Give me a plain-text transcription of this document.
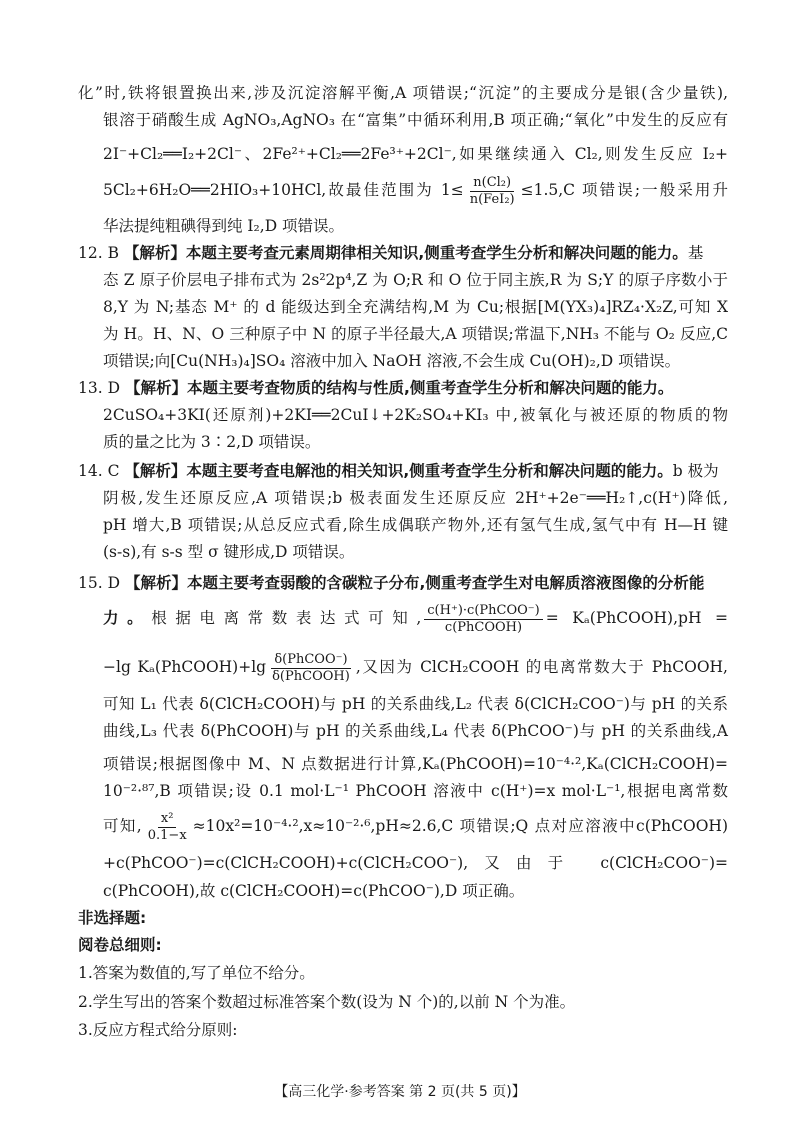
化”时,铁将银置换出来,涉及沉淀溶解平衡,A 项错误;“沉淀”的主要成分是银(含少量铁),
银溶于硝酸生成 AgNO₃,AgNO₃ 在“富集”中循环利用,B 项正确;“氧化”中发生的反应有
2I⁻+Cl₂══I₂+2Cl⁻、2Fe²⁺+Cl₂══2Fe³⁺+2Cl⁻,如果继续通入 Cl₂,则发生反应 I₂+
5Cl₂+6H₂O══2HIO₃+10HCl,故最佳范围为 $1\le \frac{\text{n(Cl₂)}}{\text{n(FeI₂)}} \le 1.5,C$ 项错误;一般采用升
华法提纯粗碘得到纯 I₂,D 项错误。
12. B 【解析】本题主要考查元素周期律相关知识,侧重考查学生分析和解决问题的能力。基
态 Z 原子价层电子排布式为 2s²2p⁴,Z 为 O;R 和 O 位于同主族,R 为 S;Y 的原子序数小于
8,Y 为 N;基态 M⁺ 的 d 能级达到全充满结构,M 为 Cu;根据[M(YX₃)₄]RZ₄·X₂Z,可知 X
为 H。H、N、O 三种原子中 N 的原子半径最大,A 项错误;常温下,NH₃ 不能与 O₂ 反应,C
项错误;向[Cu(NH₃)₄]SO₄ 溶液中加入 NaOH 溶液,不会生成 Cu(OH)₂,D 项错误。
13. D 【解析】本题主要考查物质的结构与性质,侧重考查学生分析和解决问题的能力。
2CuSO₄+3KI(还原剂)+2KI══2CuI↓+2K₂SO₄+KI₃ 中,被氧化与被还原的物质的物
质的量之比为 3∶2,D 项错误。
14. C 【解析】本题主要考查电解池的相关知识,侧重考查学生分析和解决问题的能力。b 极为
阴极,发生还原反应,A 项错误;b 极表面发生还原反应 2H⁺+2e⁻══H₂↑,c(H⁺)降低,
pH 增大,B 项错误;从总反应式看,除生成偶联产物外,还有氢气生成,氢气中有 H—H 键
(s-s),有 s-s 型 σ 键形成,D 项错误。
15. D 【解析】本题主要考查弱酸的含碳粒子分布,侧重考查学生对电解质溶液图像的分析能
力。根据电离常数表达式可知, $\frac{\text{c(H⁺)·c(PhCOO⁻)}}{\text{c(PhCOOH)}}$ = Kₐ(PhCOOH),pH =
−lg Kₐ(PhCOOH)+lg $\frac{\text{δ(PhCOO⁻)}}{\text{δ(PhCOOH)}}$ ,又因为 ClCH₂COOH 的电离常数大于 PhCOOH,
可知 L₁ 代表 δ(ClCH₂COOH)与 pH 的关系曲线,L₂ 代表 δ(ClCH₂COO⁻)与 pH 的关系
曲线,L₃ 代表 δ(PhCOOH)与 pH 的关系曲线,L₄ 代表 δ(PhCOO⁻)与 pH 的关系曲线,A
项错误;根据图像中 M、N 点数据进行计算,Kₐ(PhCOOH)=10⁻⁴·²,Kₐ(ClCH₂COOH)=
10⁻²·⁸⁷,B 项错误;设 0.1 mol·L⁻¹ PhCOOH 溶液中 c(H⁺)=x mol·L⁻¹,根据电离常数
可知, $\frac{\text{x²}}{0.1-x} \approx 10x^2=10^{-4}\cdot^2,x\approx 10^{-2}\cdot^6,pH\approx 2.6,C$ 项错误;Q 点对应溶液中c(PhCOOH)
+c(PhCOO⁻)=c(ClCH₂COOH)+c(ClCH₂COO⁻),又由于 c(ClCH₂COO⁻)=
c(PhCOOH),故 c(ClCH₂COOH)=c(PhCOO⁻),D 项正确。
非选择题:
阅卷总细则:
1.答案为数值的,写了单位不给分。
2.学生写出的答案个数超过标准答案个数(设为 N 个)的,以前 N 个为准。
3.反应方程式给分原则:
【高三化学·参考答案 第 2 页(共 5 页)】
